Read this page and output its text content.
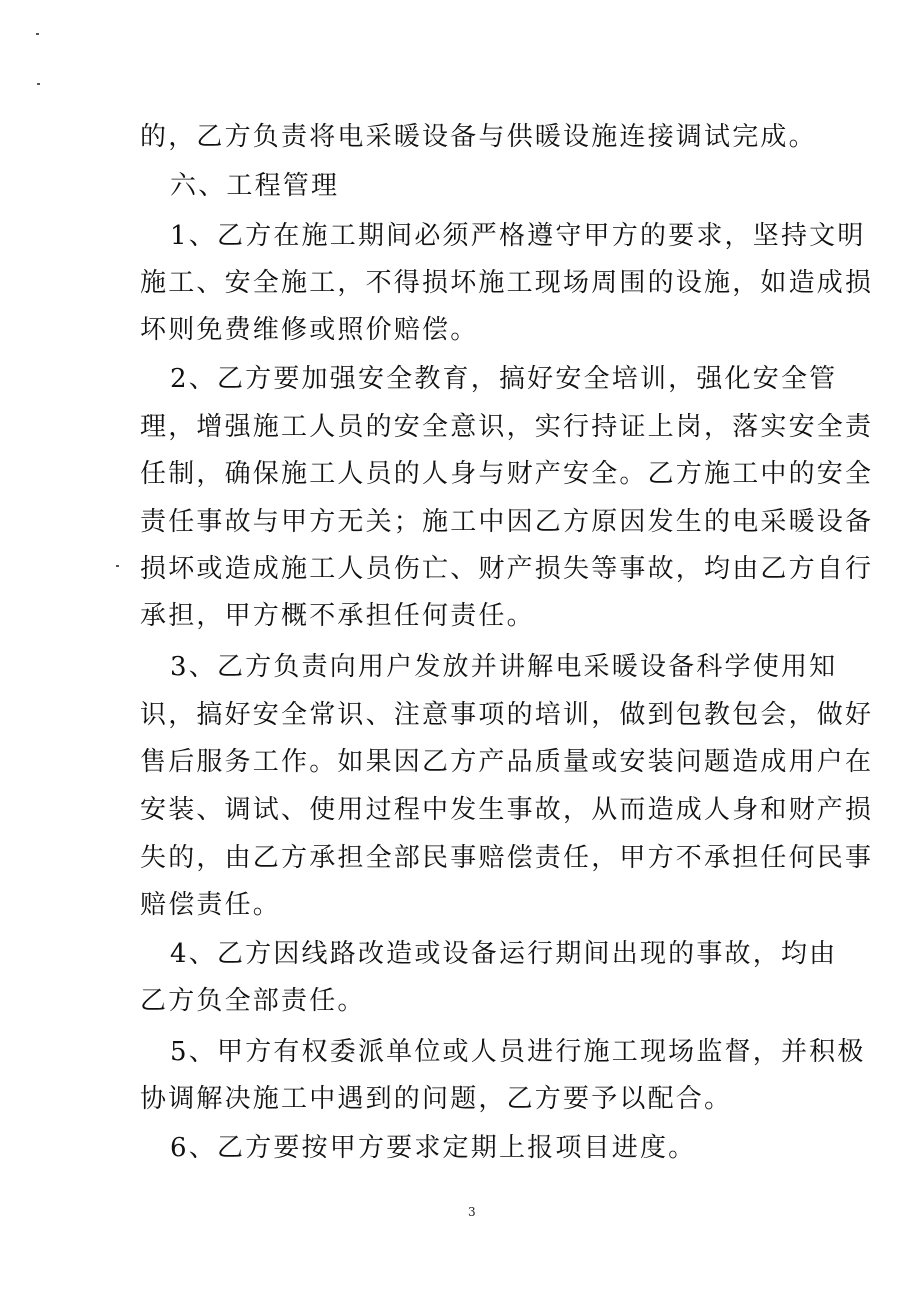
的，乙方负责将电采暖设备与供暖设施连接调试完成。
六、工程管理
1、乙方在施工期间必须严格遵守甲方的要求，坚持文明
施工、安全施工，不得损坏施工现场周围的设施，如造成损
坏则免费维修或照价赔偿。
2、乙方要加强安全教育，搞好安全培训，强化安全管
理，增强施工人员的安全意识，实行持证上岗，落实安全责
任制，确保施工人员的人身与财产安全。乙方施工中的安全
责任事故与甲方无关；施工中因乙方原因发生的电采暖设备
损坏或造成施工人员伤亡、财产损失等事故，均由乙方自行
承担，甲方概不承担任何责任。
3、乙方负责向用户发放并讲解电采暖设备科学使用知
识，搞好安全常识、注意事项的培训，做到包教包会，做好
售后服务工作。如果因乙方产品质量或安装问题造成用户在
安装、调试、使用过程中发生事故，从而造成人身和财产损
失的，由乙方承担全部民事赔偿责任，甲方不承担任何民事
赔偿责任。
4、乙方因线路改造或设备运行期间出现的事故，均由
乙方负全部责任。
5、甲方有权委派单位或人员进行施工现场监督，并积极
协调解决施工中遇到的问题，乙方要予以配合。
6、乙方要按甲方要求定期上报项目进度。
3
